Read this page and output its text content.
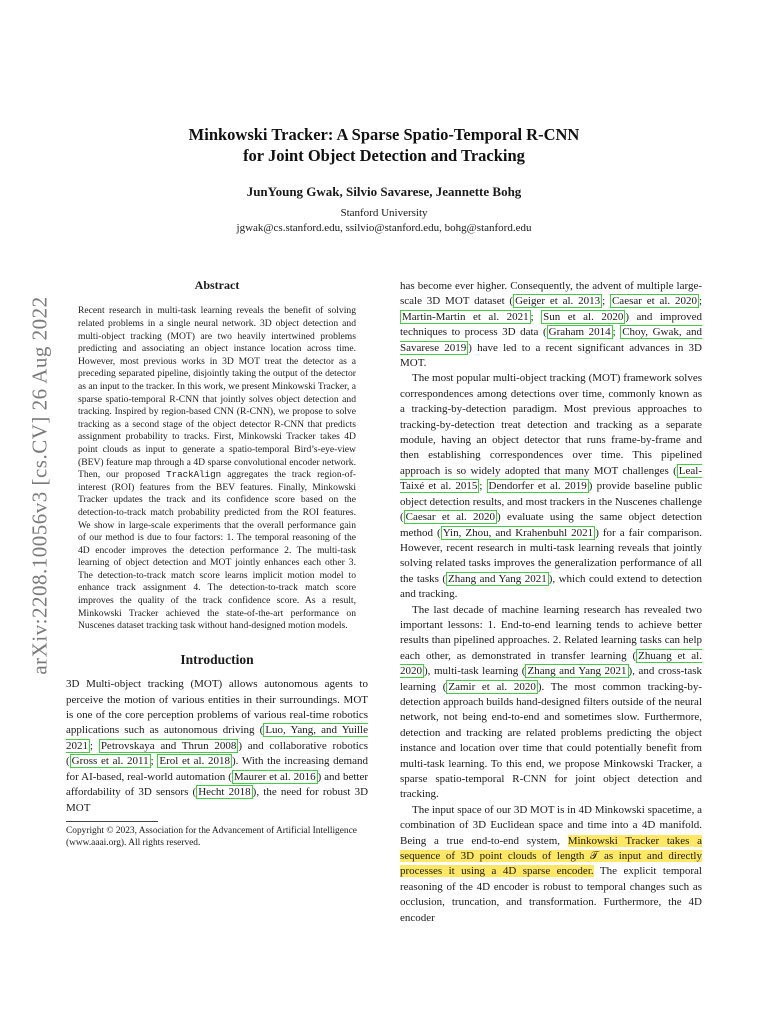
arXiv:2208.10056v3 [cs.CV] 26 Aug 2022
Minkowski Tracker: A Sparse Spatio-Temporal R-CNN
for Joint Object Detection and Tracking
JunYoung Gwak, Silvio Savarese, Jeannette Bohg
Stanford University
jgwak@cs.stanford.edu, ssilvio@stanford.edu, bohg@stanford.edu
Abstract

Recent research in multi-task learning reveals the benefit of solving related problems in a single neural network. 3D object detection and multi-object tracking (MOT) are two heavily intertwined problems predicting and associating an object instance location across time. However, most previous works in 3D MOT treat the detector as a preceding separated pipeline, disjointly taking the output of the detector as an input to the tracker. In this work, we present Minkowski Tracker, a sparse spatio-temporal R-CNN that jointly solves object detection and tracking. Inspired by region-based CNN (R-CNN), we propose to solve tracking as a second stage of the object detector R-CNN that predicts assignment probability to tracks. First, Minkowski Tracker takes 4D point clouds as input to generate a spatio-temporal Bird’s-eye-view (BEV) feature map through a 4D sparse convolutional encoder network. Then, our proposed TrackAlign aggregates the track region-of-interest (ROI) features from the BEV features. Finally, Minkowski Tracker updates the track and its confidence score based on the detection-to-track match probability predicted from the ROI features. We show in large-scale experiments that the overall performance gain of our method is due to four factors: 1. The temporal reasoning of the 4D encoder improves the detection performance 2. The multi-task learning of object detection and MOT jointly enhances each other 3. The detection-to-track match score learns implicit motion model to enhance track assignment 4. The detection-to-track match score improves the quality of the track confidence score. As a result, Minkowski Tracker achieved the state-of-the-art performance on Nuscenes dataset tracking task without hand-designed motion models.

Introduction

3D Multi-object tracking (MOT) allows autonomous agents to perceive the motion of various entities in their surroundings. MOT is one of the core perception problems of various real-time robotics applications such as autonomous driving ( Luo, Yang, and Yuille 2021 ; Petrovskaya and Thrun 2008 ) and collaborative robotics ( Gross et al. 2011 ; Erol et al. 2018 ). With the increasing demand for AI-based, real-world automation ( Maurer et al. 2016 ) and better affordability of 3D sensors ( Hecht 2018 ), the need for robust 3D MOT

Copyright © 2023, Association for the Advancement of Artificial Intelligence (www.aaai.org). All rights reserved.

has become ever higher. Consequently, the advent of multiple large-scale 3D MOT dataset ( Geiger et al. 2013 ; Caesar et al. 2020 ; Martin-Martin et al. 2021 ; Sun et al. 2020 ) and improved techniques to process 3D data ( Graham 2014 ; Choy, Gwak, and Savarese 2019 ) have led to a recent significant advances in 3D MOT.

The most popular multi-object tracking (MOT) framework solves correspondences among detections over time, commonly known as a tracking-by-detection paradigm. Most previous approaches to tracking-by-detection treat detection and tracking as a separate module, having an object detector that runs frame-by-frame and then establishing correspondences over time. This pipelined approach is so widely adopted that many MOT challenges ( Leal-Taixé et al. 2015 ; Dendorfer et al. 2019 ) provide baseline public object detection results, and most trackers in the Nuscenes challenge ( Caesar et al. 2020 ) evaluate using the same object detection method ( Yin, Zhou, and Krahenbuhl 2021 ) for a fair comparison. However, recent research in multi-task learning reveals that jointly solving related tasks improves the generalization performance of all the tasks ( Zhang and Yang 2021 ), which could extend to detection and tracking.

The last decade of machine learning research has revealed two important lessons: 1. End-to-end learning tends to achieve better results than pipelined approaches. 2. Related learning tasks can help each other, as demonstrated in transfer learning ( Zhuang et al. 2020 ), multi-task learning ( Zhang and Yang 2021 ), and cross-task learning ( Zamir et al. 2020 ). The most common tracking-by-detection approach builds hand-designed filters outside of the neural network, not being end-to-end and sometimes slow. Furthermore, detection and tracking are related problems predicting the object instance and location over time that could potentially benefit from multi-task learning. To this end, we propose Minkowski Tracker, a sparse spatio-temporal R-CNN for joint object detection and tracking.

The input space of our 3D MOT is in 4D Minkowski spacetime, a combination of 3D Euclidean space and time into a 4D manifold. Being a true end-to-end system, Minkowski Tracker takes a sequence of 3D point clouds of length 𝒯 as input and directly processes it using a 4D sparse encoder. The explicit temporal reasoning of the 4D encoder is robust to temporal changes such as occlusion, truncation, and transformation. Furthermore, the 4D encoder
